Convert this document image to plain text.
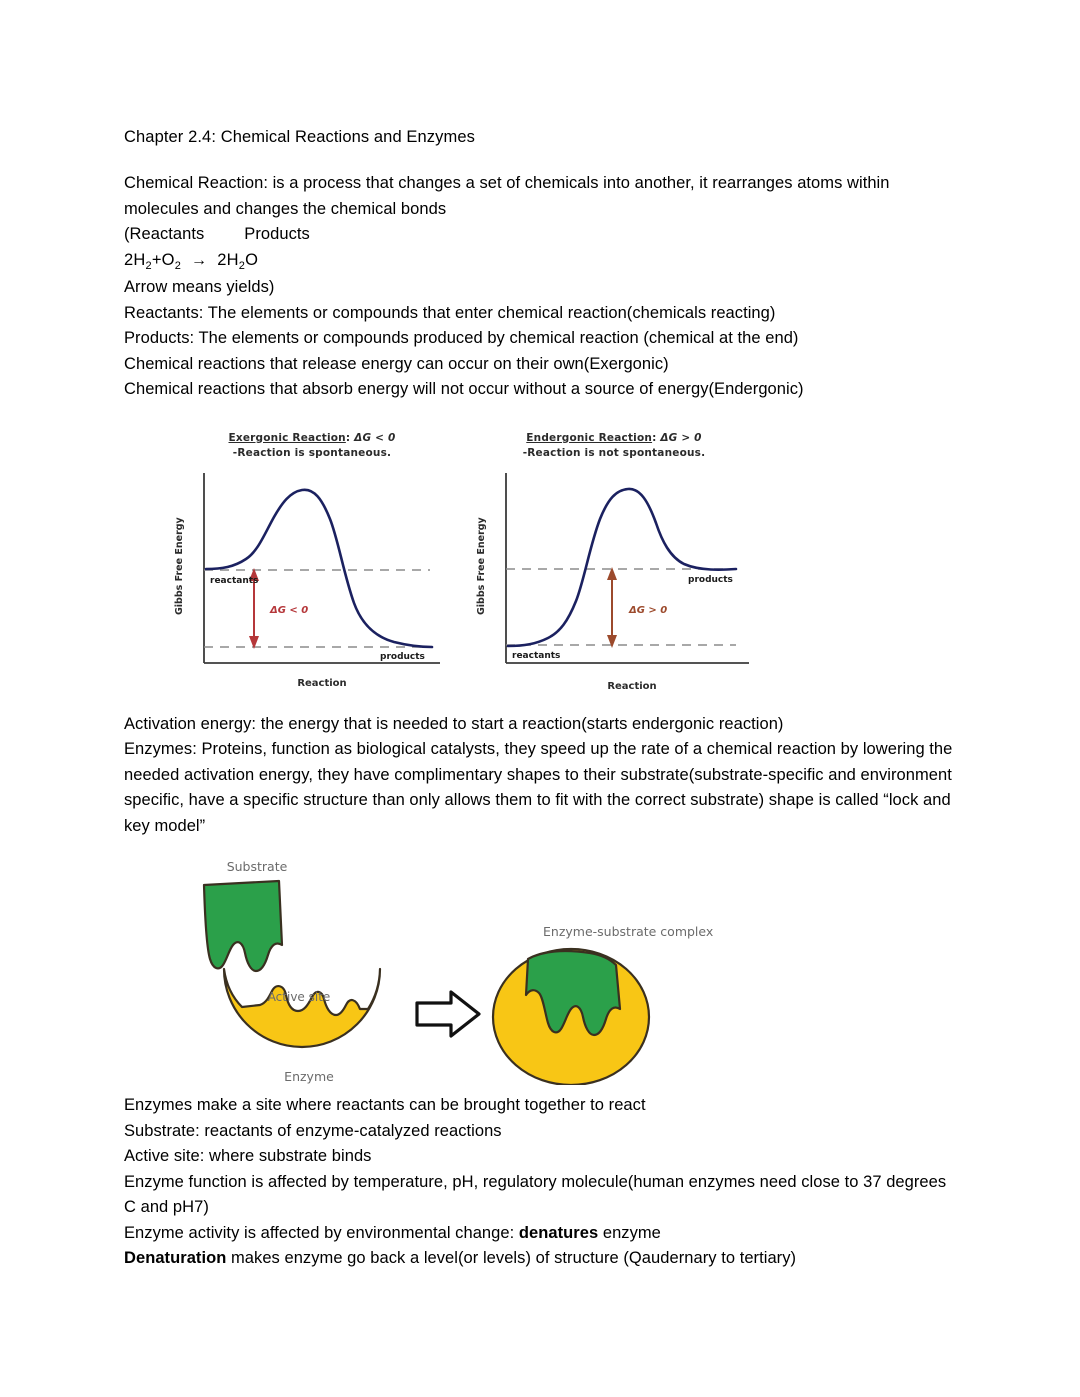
Chapter 2.4: Chemical Reactions and Enzymes
Chemical Reaction: is a process that changes a set of chemicals into another, it rearranges atoms within molecules and changes the chemical bonds
(Reactants Products
$2H_2+O_2 \to 2H_2O$
Arrow means yields)
Reactants: The elements or compounds that enter chemical reaction(chemicals reacting)
Products: The elements or compounds produced by chemical reaction (chemical at the end)
Chemical reactions that release energy can occur on their own(Exergonic)
Chemical reactions that absorb energy will not occur without a source of energy(Endergonic)
Exergonic Reaction: ΔG < 0
-Reaction is spontaneous.
reactants
products
ΔG < 0
Gibbs Free Energy
Reaction
Endergonic Reaction: ΔG > 0
-Reaction is not spontaneous.
reactants
products
ΔG > 0
Gibbs Free Energy
Reaction
Activation energy: the energy that is needed to start a reaction(starts endergonic reaction)
Enzymes: Proteins, function as biological catalysts, they speed up the rate of a chemical reaction by lowering the needed activation energy, they have complimentary shapes to their substrate(substrate-specific and environment specific, have a specific structure than only allows them to fit with the correct substrate) shape is called “lock and key model”
Substrate
Active site
Enzyme
Enzyme-substrate complex
Enzymes make a site where reactants can be brought together to react
Substrate: reactants of enzyme-catalyzed reactions
Active site: where substrate binds
Enzyme function is affected by temperature, pH, regulatory molecule(human enzymes need close to 37 degrees C and pH7)
Enzyme activity is affected by environmental change: denatures enzyme
Denaturation makes enzyme go back a level(or levels) of structure (Qaudernary to tertiary)
